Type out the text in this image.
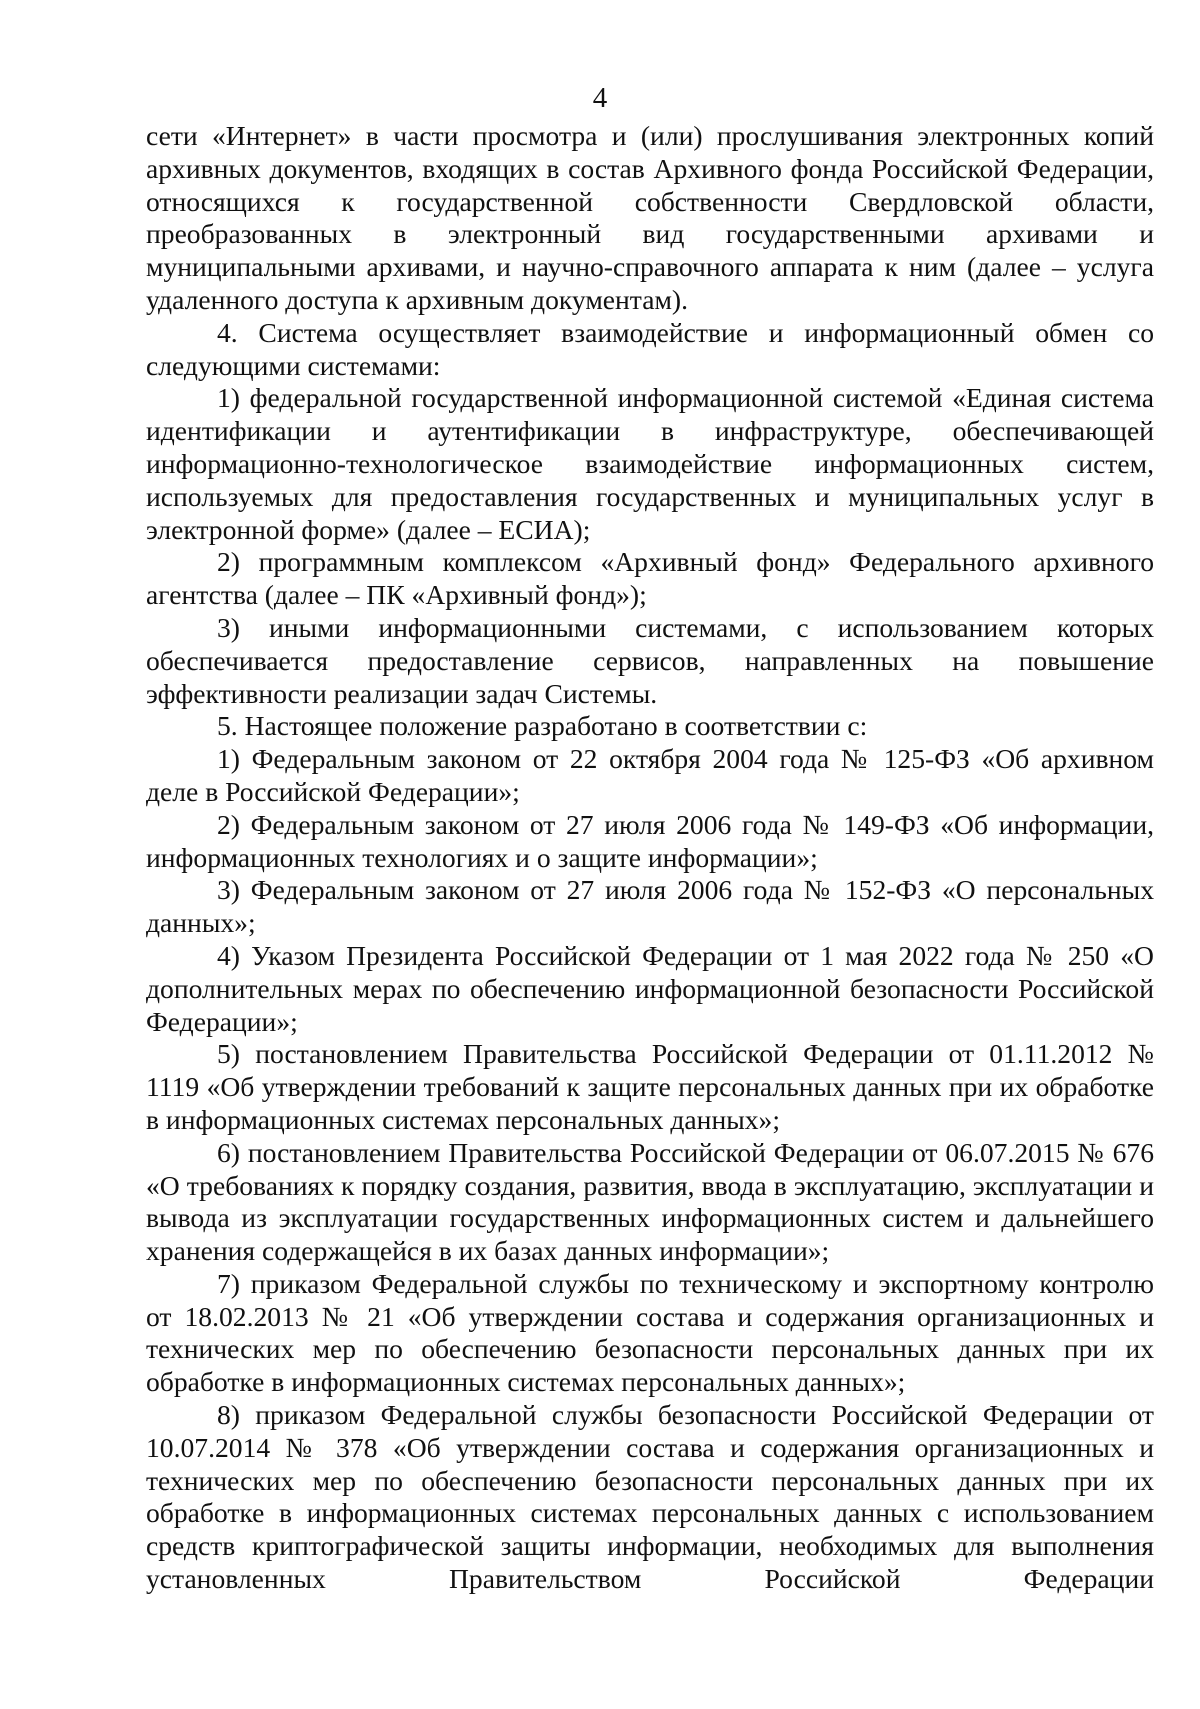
4

сети «Интернет» в части просмотра и (или) прослушивания электронных копий архивных документов, входящих в состав Архивного фонда Российской Федерации, относящихся к государственной собственности Свердловской области, преобразованных в электронный вид государственными архивами и муниципальными архивами, и научно-справочного аппарата к ним (далее – услуга удаленного доступа к архивным документам).

4. Система осуществляет взаимодействие и информационный обмен со следующими системами:

1) федеральной государственной информационной системой «Единая система идентификации и аутентификации в инфраструктуре, обеспечивающей информационно-технологическое взаимодействие информационных систем, используемых для предоставления государственных и муниципальных услуг в электронной форме» (далее – ЕСИА);

2) программным комплексом «Архивный фонд» Федерального архивного агентства (далее – ПК «Архивный фонд»);

3) иными информационными системами, с использованием которых обеспечивается предоставление сервисов, направленных на повышение эффективности реализации задач Системы.

5. Настоящее положение разработано в соответствии с:

1) Федеральным законом от 22 октября 2004 года № 125-ФЗ «Об архивном деле в Российской Федерации»;

2) Федеральным законом от 27 июля 2006 года № 149-ФЗ «Об информации, информационных технологиях и о защите информации»;

3) Федеральным законом от 27 июля 2006 года № 152-ФЗ «О персональных данных»;

4) Указом Президента Российской Федерации от 1 мая 2022 года № 250 «О дополнительных мерах по обеспечению информационной безопасности Российской Федерации»;

5) постановлением Правительства Российской Федерации от 01.11.2012 № 1119 «Об утверждении требований к защите персональных данных при их обработке в информационных системах персональных данных»;

6) постановлением Правительства Российской Федерации от 06.07.2015 № 676 «О требованиях к порядку создания, развития, ввода в эксплуатацию, эксплуатации и вывода из эксплуатации государственных информационных систем и дальнейшего хранения содержащейся в их базах данных информации»;

7) приказом Федеральной службы по техническому и экспортному контролю от 18.02.2013 № 21 «Об утверждении состава и содержания организационных и технических мер по обеспечению безопасности персональных данных при их обработке в информационных системах персональных данных»;

8) приказом Федеральной службы безопасности Российской Федерации от 10.07.2014 № 378 «Об утверждении состава и содержания организационных и технических мер по обеспечению безопасности персональных данных при их обработке в информационных системах персональных данных с использованием средств криптографической защиты информации, необходимых для выполнения установленных Правительством Российской Федерации
